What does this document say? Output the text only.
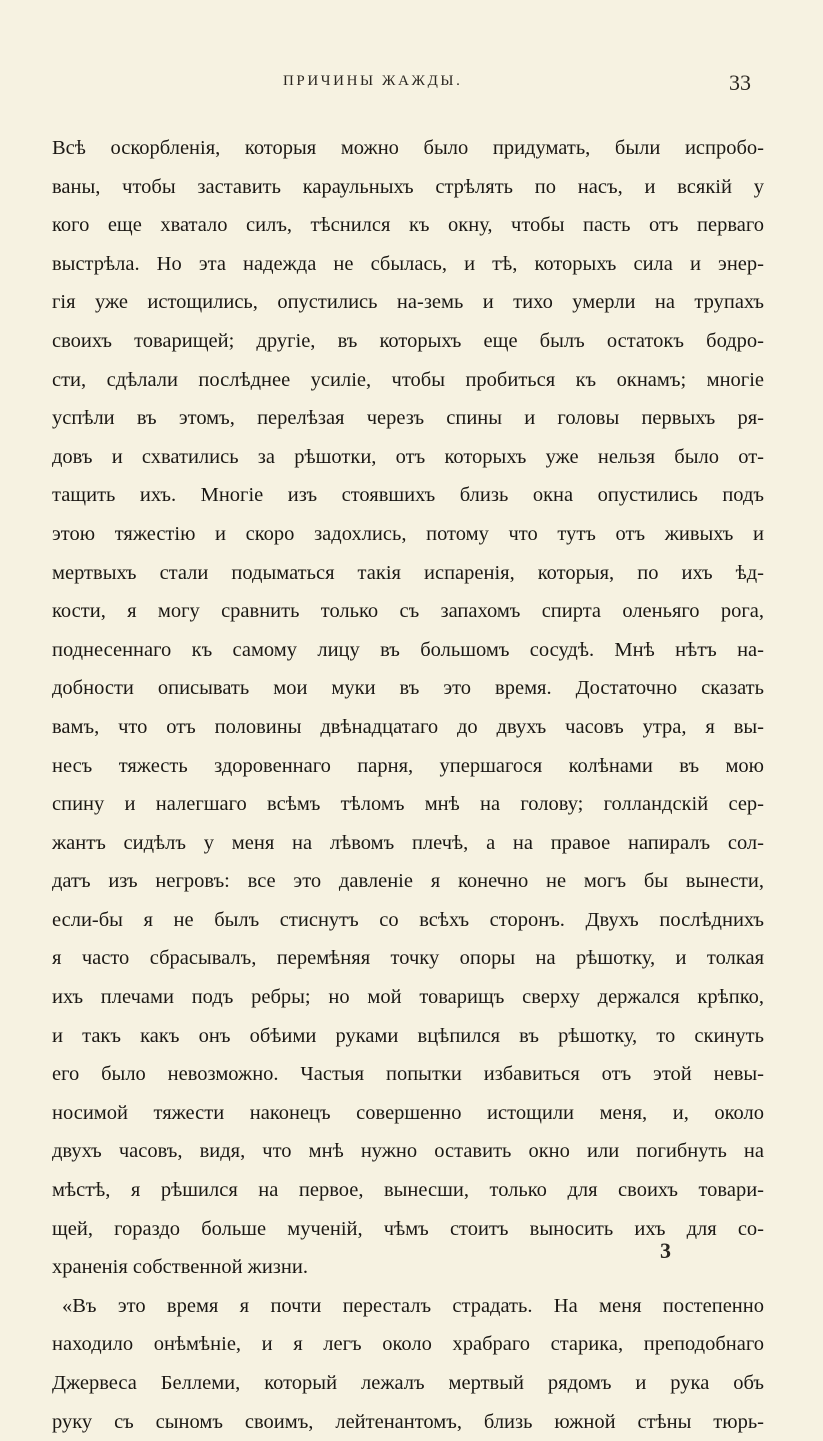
ПРИЧИНЫ ЖАЖДЫ.	33
Всѣ оскорбленія, которыя можно было придумать, были испробо-
ваны, чтобы заставить караульныхъ стрѣлять по насъ, и всякій у
кого еще хватало силъ, тѣснился къ окну, чтобы пасть отъ перваго
выстрѣла. Но эта надежда не сбылась, и тѣ, которыхъ сила и энер-
гія уже истощились, опустились на-земь и тихо умерли на трупахъ
своихъ товарищей; другіе, въ которыхъ еще былъ остатокъ бодро-
сти, сдѣлали послѣднее усиліе, чтобы пробиться къ окнамъ; многіе
успѣли въ этомъ, перелѣзая черезъ спины и головы первыхъ ря-
довъ и схватились за рѣшотки, отъ которыхъ уже нельзя было от-
тащить ихъ. Многіе изъ стоявшихъ близь окна опустились подъ
этою тяжестію и скоро задохлись, потому что тутъ отъ живыхъ и
мертвыхъ стали подыматься такія испаренія, которыя, по ихъ ѣд-
кости, я могу сравнить только съ запахомъ спирта оленьяго рога,
поднесеннаго къ самому лицу въ большомъ сосудѣ. Мнѣ нѣтъ на-
добности описывать мои муки въ это время. Достаточно сказать
вамъ, что отъ половины двѣнадцатаго до двухъ часовъ утра, я вы-
несъ тяжесть здоровеннаго парня, упершагося колѣнами въ мою
спину и налегшаго всѣмъ тѣломъ мнѣ на голову; голландскій сер-
жантъ сидѣлъ у меня на лѣвомъ плечѣ, а на правое напиралъ сол-
датъ изъ негровъ: все это давленіе я конечно не могъ бы вынести,
если-бы я не былъ стиснутъ со всѣхъ сторонъ. Двухъ послѣднихъ
я часто сбрасывалъ, перемѣняя точку опоры на рѣшотку, и толкая
ихъ плечами подъ ребры; но мой товарищъ сверху держался крѣпко,
и такъ какъ онъ обѣими руками вцѣпился въ рѣшотку, то скинуть
его было невозможно. Частыя попытки избавиться отъ этой невы-
носимой тяжести наконецъ совершенно истощили меня, и, около
двухъ часовъ, видя, что мнѣ нужно оставить окно или погибнуть на
мѣстѣ, я рѣшился на первое, вынесши, только для своихъ товари-
щей, гораздо больше мученій, чѣмъ стоитъ выносить ихъ для со-
храненія собственной жизни.
«Въ это время я почти пересталъ страдать. На меня постепенно
находило онѣмѣніе, и я легъ около храбраго старика, преподобнаго
Джервеса Беллеми, который лежалъ мертвый рядомъ и рука объ
руку съ сыномъ своимъ, лейтенантомъ, близь южной стѣны тюрь-
3
